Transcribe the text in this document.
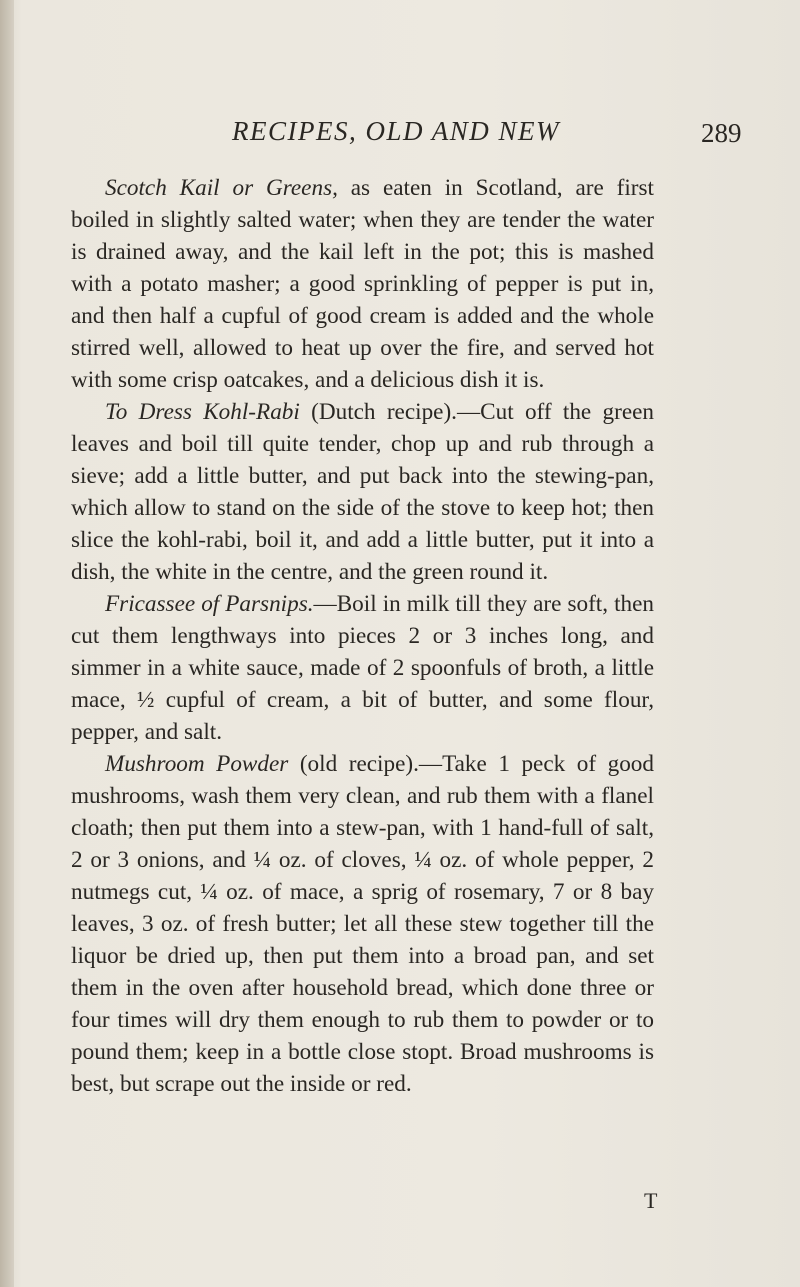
RECIPES, OLD AND NEW	289

Scotch Kail or Greens, as eaten in Scotland, are first boiled in slightly salted water; when they are tender the water is drained away, and the kail left in the pot; this is mashed with a potato masher; a good sprinkling of pepper is put in, and then half a cupful of good cream is added and the whole stirred well, allowed to heat up over the fire, and served hot with some crisp oatcakes, and a delicious dish it is.

To Dress Kohl-Rabi (Dutch recipe).—Cut off the green leaves and boil till quite tender, chop up and rub through a sieve; add a little butter, and put back into the stewing-pan, which allow to stand on the side of the stove to keep hot; then slice the kohl-rabi, boil it, and add a little butter, put it into a dish, the white in the centre, and the green round it.

Fricassee of Parsnips.—Boil in milk till they are soft, then cut them lengthways into pieces 2 or 3 inches long, and simmer in a white sauce, made of 2 spoonfuls of broth, a little mace, ½ cupful of cream, a bit of butter, and some flour, pepper, and salt.

Mushroom Powder (old recipe).—Take 1 peck of good mushrooms, wash them very clean, and rub them with a flanel cloath; then put them into a stew-pan, with 1 hand-full of salt, 2 or 3 onions, and ¼ oz. of cloves, ¼ oz. of whole pepper, 2 nutmegs cut, ¼ oz. of mace, a sprig of rosemary, 7 or 8 bay leaves, 3 oz. of fresh butter; let all these stew together till the liquor be dried up, then put them into a broad pan, and set them in the oven after household bread, which done three or four times will dry them enough to rub them to powder or to pound them; keep in a bottle close stopt. Broad mushrooms is best, but scrape out the inside or red.

T
